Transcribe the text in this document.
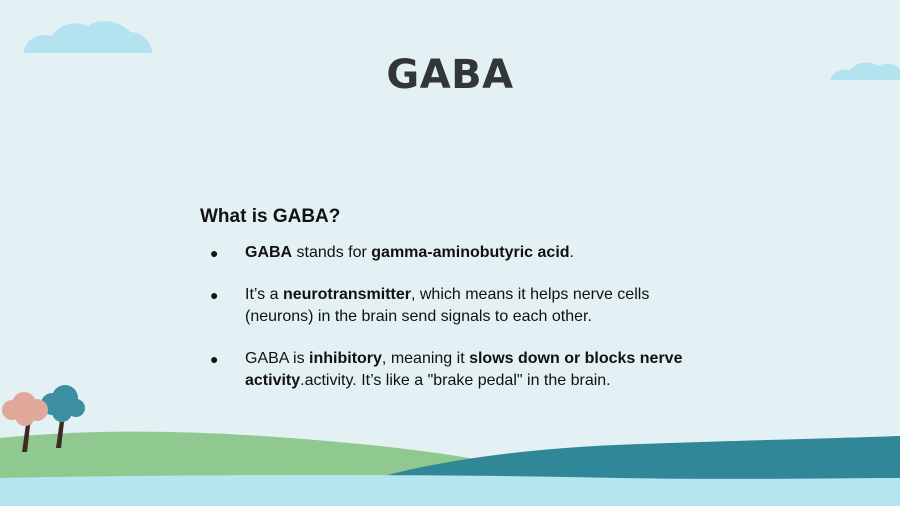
GABA

What is GABA?

● GABA stands for gamma-aminobutyric acid.
● It’s a neurotransmitter, which means it helps nerve cells (neurons) in the brain send signals to each other.
● GABA is inhibitory, meaning it slows down or blocks nerve activity.activity. It’s like a "brake pedal" in the brain.
